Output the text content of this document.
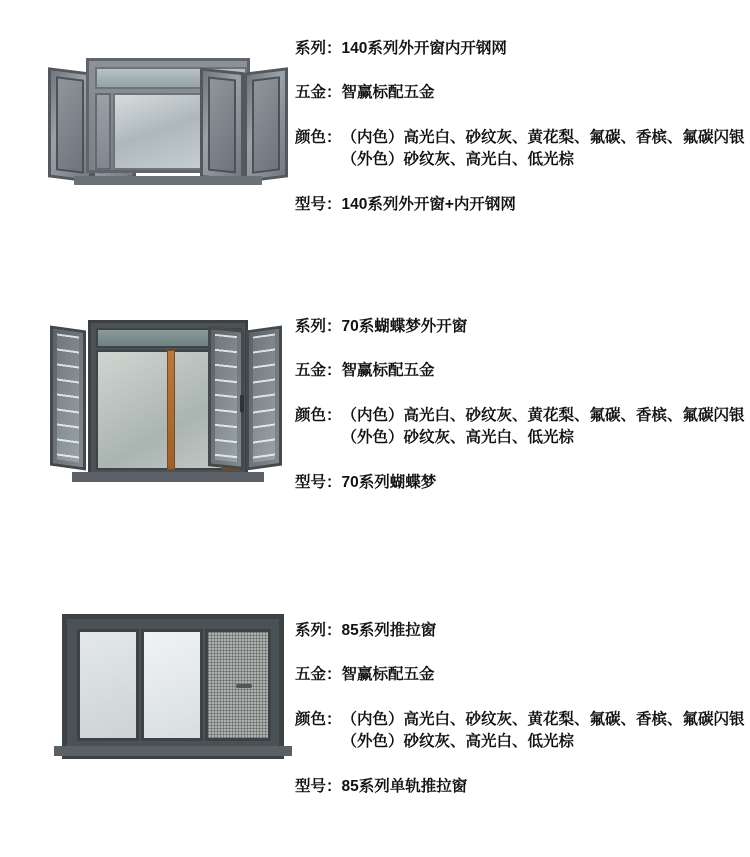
系列： 140系列外开窗内开钢网
五金： 智赢标配五金
颜色： （内色）高光白、砂纹灰、黄花梨、氟碳、香槟、氟碳闪银
（外色）砂纹灰、高光白、低光棕
型号： 140系列外开窗+内开钢网
系列： 70系蝴蝶梦外开窗
五金： 智赢标配五金
颜色： （内色）高光白、砂纹灰、黄花梨、氟碳、香槟、氟碳闪银
（外色）砂纹灰、高光白、低光棕
型号： 70系列蝴蝶梦
系列： 85系列推拉窗
五金： 智赢标配五金
颜色： （内色）高光白、砂纹灰、黄花梨、氟碳、香槟、氟碳闪银
（外色）砂纹灰、高光白、低光棕
型号： 85系列单轨推拉窗
